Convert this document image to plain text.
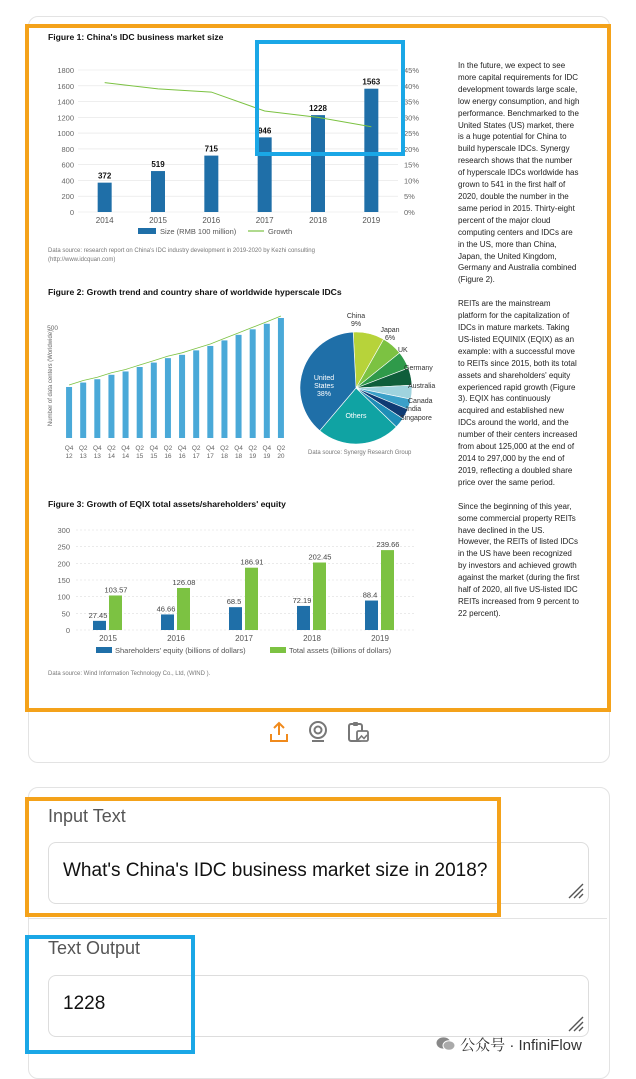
Figure 1: China's IDC business market size
1800	45%
1600	40%
1400	35%
1200	30%
1000	25%
800	20%
600	15%
400	10%
200	5%
0	0%
372
2014
519
2015
715
2016
946
2017
1228
2018
1563
2019
Size (RMB 100 million)	Growth
Data source: research report on China's IDC industry development in 2019-2020 by Kezhi consulting
(http://www.idcquan.com)
Figure 2: Growth trend and country share of worldwide hyperscale IDCs
500
Number of data centers (Worldwide)
Q4
12
Q2
13
Q4
13
Q2
14
Q4
14
Q2
15
Q4
15
Q2
16
Q4
16
Q2
17
Q4
17
Q2
18
Q4
18
Q2
19
Q4
19
Q2
20
United
States
38%
China
9%
Japan
6%
UK
Germany
Australia
Canada
India
Singapore
Others
Data source: Synergy Research Group
Figure 3: Growth of EQIX total assets/shareholders' equity
300
250
200
150
100
50
0
27.45
103.57
2015
46.66
126.08
2016
68.5
186.91
2017
72.19
202.45
2018
88.4
239.66
2019
Shareholders' equity (billions of dollars)	Total assets (billions of dollars)
Data source: Wind Information Technology Co., Ltd, (WIND ).

In the future, we expect to see more capital requirements for IDC development towards large scale, low energy consumption, and high performance. Benchmarked to the United States (US) market, there is a huge potential for China to build hyperscale IDCs. Synergy research shows that the number of hyperscale IDCs worldwide has grown to 541 in the first half of 2020, double the number in the same period in 2015. Thirty-eight percent of the major cloud computing centers and IDCs are in the US, more than China, Japan, the United Kingdom, Germany and Australia combined (Figure 2).

REITs are the mainstream platform for the capitalization of IDCs in mature markets. Taking US-listed EQUINIX (EQIX) as an example: with a successful move to REITs since 2015, both its total assets and shareholders' equity experienced rapid growth (Figure 3). EQIX has continuously acquired and established new IDCs around the world, and the number of their centers increased from about 125,000 at the end of 2014 to 297,000 by the end of 2019, reflecting a doubled share price over the same period.

Since the beginning of this year, some commercial property REITs have declined in the US. However, the REITs of listed IDCs in the US have been recognized by investors and achieved growth against the market (during the first half of 2020, all five US-listed IDC REITs increased from 9 percent to 22 percent).

Input Text
What's China's IDC business market size in 2018?
Text Output
1228
公众号 · InfiniFlow
